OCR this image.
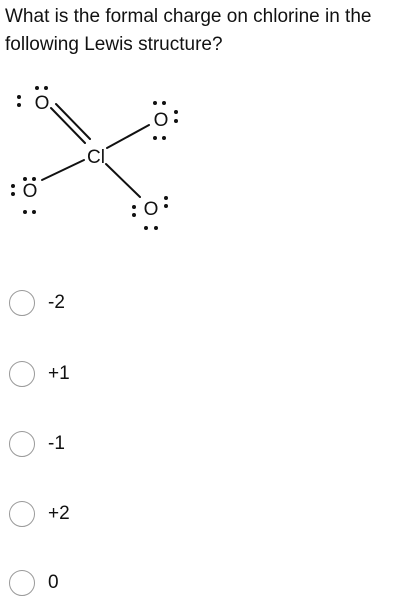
What is the formal charge on chlorine in the following Lewis structure?
Cl
O
O
O
O
-2
+1
-1
+2
0
